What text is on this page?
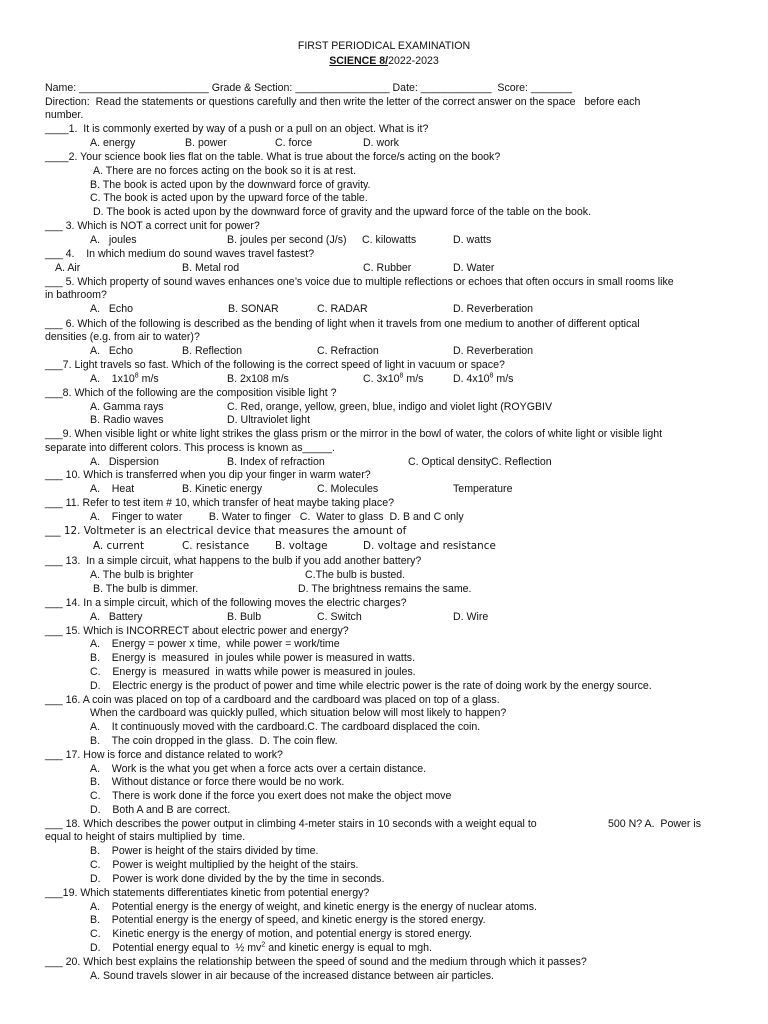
FIRST PERIODICAL EXAMINATION
SCIENCE 8/2022-2023
Name: ______________________ Grade & Section: ________________ Date: ____________  Score: _______
Direction:  Read the statements or questions carefully and then write the letter of the correct answer on the space   before each
number.
____1.  It is commonly exerted by way of a push or a pull on an object. What is it?
A. energy	B. power	C. force	D. work
____2. Your science book lies flat on the table. What is true about the force/s acting on the book?
A. There are no forces acting on the book so it is at rest.
B. The book is acted upon by the downward force of gravity.
C. The book is acted upon by the upward force of the table.
D. The book is acted upon by the downward force of gravity and the upward force of the table on the book.
___ 3. Which is NOT a correct unit for power?
A.   joules	B. joules per second (J/s) C. kilowatts	D. watts
___ 4.    In which medium do sound waves travel fastest?
A. Air	B. Metal rod	C. Rubber	D. Water
___ 5. Which property of sound waves enhances one’s voice due to multiple reflections or echoes that often occurs in small rooms like
in bathroom?
A.   Echo	B. SONAR	C. RADAR	D. Reverberation
___ 6. Which of the following is described as the bending of light when it travels from one medium to another of different optical
densities (e.g. from air to water)?
A.   Echo	B. Reflection	C. Refraction	D. Reverberation
___7. Light travels so fast. Which of the following is the correct speed of light in vacuum or space?
A.    $1x10^8$ m/s	B. 2x108 m/s	C. $3x10^8$ m/s	D. $4x10^8$ m/s
___8. Which of the following are the composition visible light ?
A. Gamma rays	C. Red, orange, yellow, green, blue, indigo and violet light (ROYGBIV
B. Radio waves	D. Ultraviolet light
___9. When visible light or white light strikes the glass prism or the mirror in the bowl of water, the colors of white light or visible light
separate into different colors. This process is known as_____.
A.   Dispersion	B. Index of refraction	C. Optical densityC. Reflection
___ 10. Which is transferred when you dip your finger in warm water?
A.    Heat	B. Kinetic energy	C. Molecules	Temperature
___ 11. Refer to test item # 10, which transfer of heat maybe taking place?
A.    Finger to water         B. Water to finger   C.  Water to glass  D. B and C only
___ 12. Voltmeter is an electrical device that measures the amount of
A. current	C. resistance B. voltage	D. voltage and resistance
___ 13.  In a simple circuit, what happens to the bulb if you add another battery?
A. The bulb is brighter	C.The bulb is busted.
B. The bulb is dimmer.	D. The brightness remains the same.
___ 14. In a simple circuit, which of the following moves the electric charges?
A.   Battery	B. Bulb	C. Switch	D. Wire
___ 15. Which is INCORRECT about electric power and energy?
A.    Energy = power x time,  while power = work/time
B.    Energy is  measured  in joules while power is measured in watts.
C.    Energy is  measured  in watts while power is measured in joules.
D.    Electric energy is the product of power and time while electric power is the rate of doing work by the energy source.
___ 16. A coin was placed on top of a cardboard and the cardboard was placed on top of a glass.
When the cardboard was quickly pulled, which situation below will most likely to happen?
A.    It continuously moved with the cardboard.C. The cardboard displaced the coin.
B.    The coin dropped in the glass.  D. The coin flew.
___ 17. How is force and distance related to work?
A.    Work is the what you get when a force acts over a certain distance.
B.    Without distance or force there would be no work.
C.    There is work done if the force you exert does not make the object move
D.    Both A and B are correct.
___ 18. Which describes the power output in climbing 4-meter stairs in 10 seconds with a weight equal to	500 N? A.  Power is
equal to height of stairs multiplied by  time.
B.    Power is height of the stairs divided by time.
C.    Power is weight multiplied by the height of the stairs.
D.    Power is work done divided by the by the time in seconds.
___19. Which statements differentiates kinetic from potential energy?
A.    Potential energy is the energy of weight, and kinetic energy is the energy of nuclear atoms.
B.    Potential energy is the energy of speed, and kinetic energy is the stored energy.
C.    Kinetic energy is the energy of motion, and potential energy is stored energy.
D.    Potential energy equal to  ½ $mv^2$ and kinetic energy is equal to mgh.
___ 20. Which best explains the relationship between the speed of sound and the medium through which it passes?
A. Sound travels slower in air because of the increased distance between air particles.
